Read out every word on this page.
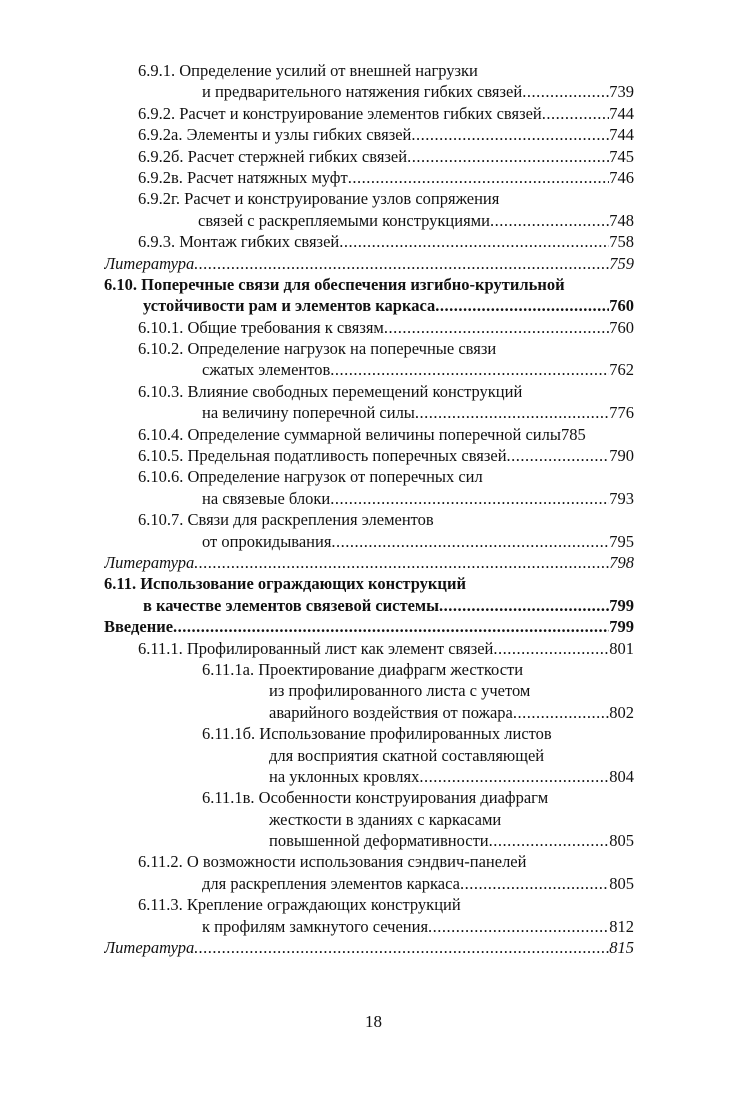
6.9.1. Определение усилий от внешней нагрузки
и предварительного натяжения гибких связей .....	739
6.9.2. Расчет и конструирование элементов гибких связей .....	744
6.9.2а. Элементы и узлы гибких связей .....	744
6.9.2б. Расчет стержней гибких связей .....	745
6.9.2в. Расчет натяжных муфт .....	746
6.9.2г. Расчет и конструирование узлов сопряжения
связей с раскрепляемыми конструкциями .....	748
6.9.3. Монтаж гибких связей .....	758
Литература .....	759
6.10. Поперечные связи для обеспечения изгибно-крутильной
устойчивости рам и элементов каркаса .....	760
6.10.1. Общие требования к связям .....	760
6.10.2. Определение нагрузок на поперечные связи
сжатых элементов .....	762
6.10.3. Влияние свободных перемещений конструкций
на величину поперечной силы .....	776
6.10.4. Определение суммарной величины поперечной силы 785
6.10.5. Предельная податливость поперечных связей .....	790
6.10.6. Определение нагрузок от поперечных сил
на связевые блоки .....	793
6.10.7. Связи для раскрепления элементов
от опрокидывания .....	795
Литература .....	798
6.11. Использование ограждающих конструкций
в качестве элементов связевой системы .....	799
Введение .....	799
6.11.1. Профилированный лист как элемент связей .....	801
6.11.1а. Проектирование диафрагм жесткости
из профилированного листа с учетом
аварийного воздействия от пожара .....	802
6.11.1б. Использование профилированных листов
для восприятия скатной составляющей
на уклонных кровлях .....	804
6.11.1в. Особенности конструирования диафрагм
жесткости в зданиях с каркасами
повышенной деформативности .....	805
6.11.2. О возможности использования сэндвич-панелей
для раскрепления элементов каркаса .....	805
6.11.3. Крепление ограждающих конструкций
к профилям замкнутого сечения .....	812
Литература .....	815
18
